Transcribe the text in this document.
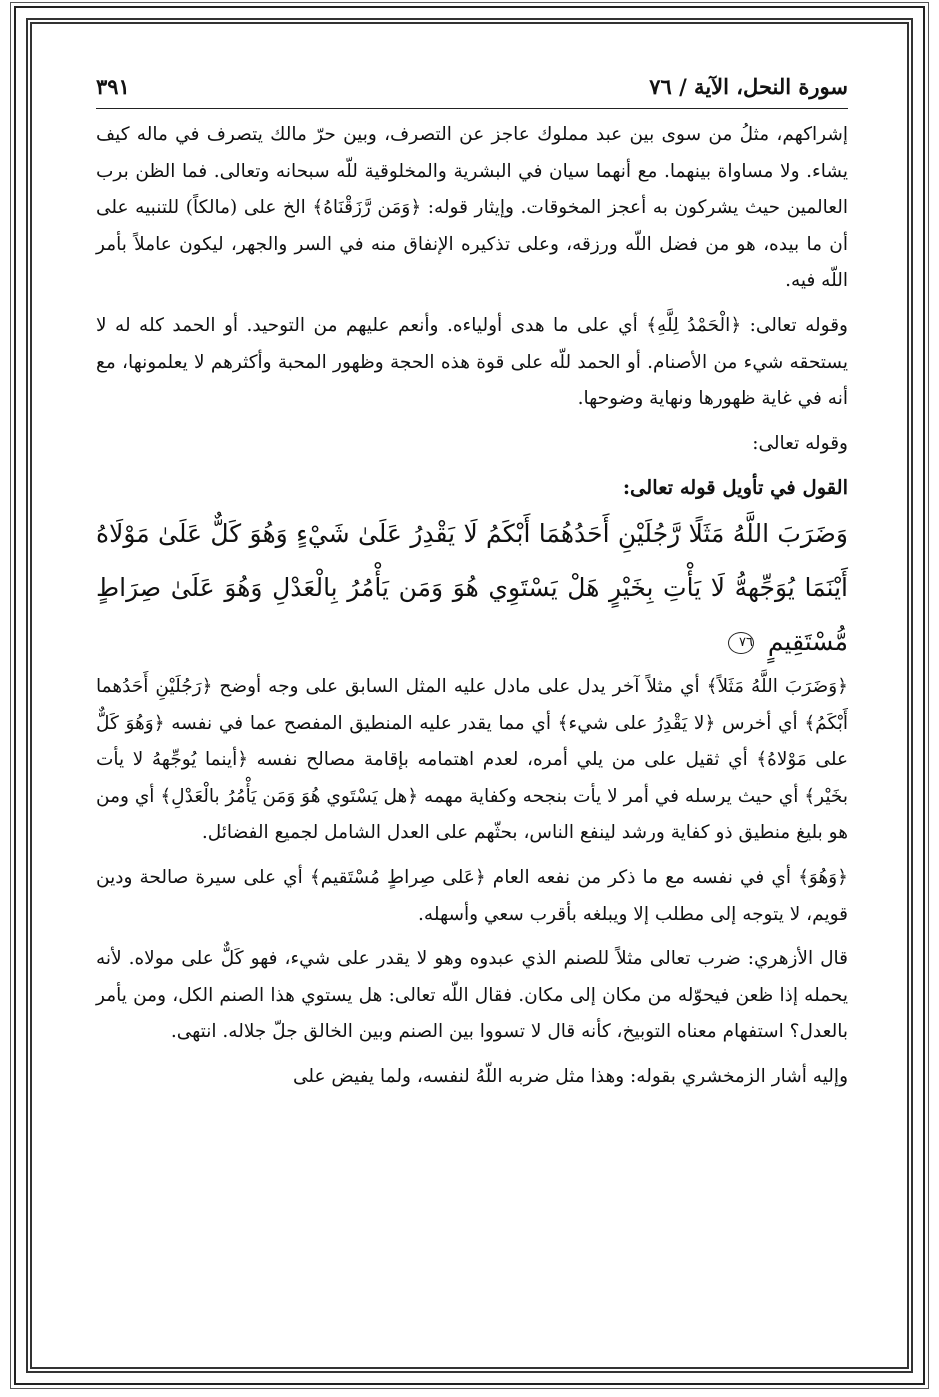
سورة النحل، الآية / ٧٦
٣٩١

إشراكهم، مثلُ من سوى بين عبد مملوك عاجز عن التصرف، وبين حرّ مالك يتصرف في ماله كيف يشاء. ولا مساواة بينهما. مع أنهما سيان في البشرية والمخلوقية للّه سبحانه وتعالى. فما الظن برب العالمين حيث يشركون به أعجز المخوقات. وإيثار قوله: ﴿وَمَن رَّزَقْنَاهُ﴾ الخ على (مالكاً) للتنبيه على أن ما بيده، هو من فضل اللّه ورزقه، وعلى تذكيره الإنفاق منه في السر والجهر، ليكون عاملاً بأمر اللّه فيه.

وقوله تعالى: ﴿الْحَمْدُ لِلَّهِ﴾ أي على ما هدى أولياءه. وأنعم عليهم من التوحيد. أو الحمد كله له لا يستحقه شيء من الأصنام. أو الحمد للّه على قوة هذه الحجة وظهور المحبة وأكثرهم لا يعلمونها، مع أنه في غاية ظهورها ونهاية وضوحها.

وقوله تعالى:

القول في تأويل قوله تعالى:

وَضَرَبَ اللَّهُ مَثَلًا رَّجُلَيْنِ أَحَدُهُمَا أَبْكَمُ لَا يَقْدِرُ عَلَىٰ شَيْءٍ وَهُوَ كَلٌّ عَلَىٰ مَوْلَاهُ أَيْنَمَا يُوَجِّههُّ لَا يَأْتِ بِخَيْرٍ هَلْ يَسْتَوِي هُوَ وَمَن يَأْمُرُ بِالْعَدْلِ وَهُوَ عَلَىٰ صِرَاطٍ مُّسْتَقِيمٍ ٧٦

﴿وَضَرَبَ اللَّهُ مَثَلاً﴾ أي مثلاً آخر يدل على مادل عليه المثل السابق على وجه أوضح ﴿رَجُلَيْنِ أَحَدُهما أَبْكَمُ﴾ أي أخرس ﴿لا يَقْدِرُ على شيء﴾ أي مما يقدر عليه المنطيق المفصح عما في نفسه ﴿وَهُوَ كَلٌّ على مَوْلاهُ﴾ أي ثقيل على من يلي أمره، لعدم اهتمامه بإقامة مصالح نفسه ﴿أينما يُوجِّههُ لا يأت بخَيْر﴾ أي حيث يرسله في أمر لا يأت بنجحه وكفاية مهمه ﴿هل يَسْتَوي هُوَ وَمَن يَأْمُرُ بالْعَدْلِ﴾ أي ومن هو بليغ منطيق ذو كفاية ورشد لينفع الناس، بحثّهم على العدل الشامل لجميع الفضائل.

﴿وَهُوَ﴾ أي في نفسه مع ما ذكر من نفعه العام ﴿عَلى صِراطٍ مُسْتَقيم﴾ أي على سيرة صالحة ودين قويم، لا يتوجه إلى مطلب إلا ويبلغه بأقرب سعي وأسهله.

قال الأزهري: ضرب تعالى مثلاً للصنم الذي عبدوه وهو لا يقدر على شيء، فهو كَلٌّ على مولاه. لأنه يحمله إذا ظعن فيحوّله من مكان إلى مكان. فقال اللّه تعالى: هل يستوي هذا الصنم الكل، ومن يأمر بالعدل؟ استفهام معناه التوبيخ، كأنه قال لا تسووا بين الصنم وبين الخالق جلّ جلاله. انتهى.

وإليه أشار الزمخشري بقوله: وهذا مثل ضربه اللّهُ لنفسه، ولما يفيض على
